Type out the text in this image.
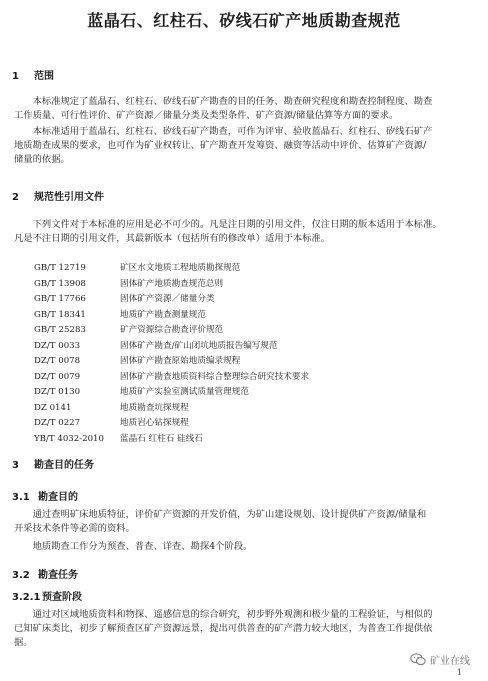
蓝晶石、红柱石、矽线石矿产地质勘查规范
1 范围

　　本标准规定了蓝晶石、红柱石、矽线石矿产勘查的目的任务、勘查研究程度和勘查控制程度、勘查
工作质量、可行性评价、矿产资源／储量分类及类型条件、矿产资源/储量估算等方面的要求。

　　本标准适用于蓝晶石、红柱石、矽线石矿产勘查，可作为评审、验收蓝晶石、红柱石、矽线石矿产
地质勘查成果的要求，也可作为矿业权转让、矿产勘查开发筹资、融资等活动中评价、估算矿产资源/
储量的依据。

2 规范性引用文件

　　下列文件对于本标准的应用是必不可少的。凡是注日期的引用文件，仅注日期的版本适用于本标准。
凡是不注日期的引用文件，其最新版本（包括所有的修改单）适用于本标准。

GB/T 12719	矿区水文地质工程地质勘探规范
GB/T 13908	固体矿产地质勘查规范总则
GB/T 17766	固体矿产资源／储量分类
GB/T 18341	地质矿产勘查测量规范
GB/T 25283	矿产资源综合勘查评价规范
DZ/T 0033	固体矿产勘查/矿山闭坑地质报告编写规范
DZ/T 0078	固体矿产勘查原始地质编录规程
DZ/T 0079	固体矿产勘查地质资料综合整理综合研究技术要求
DZ/T 0130	地质矿产实验室测试质量管理规范
DZ 0141	地质勘查坑探规程
DZ/T 0227	地质岩心钻探规程
YB/T 4032-2010 蓝晶石 红柱石 硅线石
3 勘查目的任务
3.1 勘查目的

　　通过查明矿床地质特征，评价矿产资源的开发价值，为矿山建设规划、设计提供矿产资源/储量和
开采技术条件等必需的资料。

　　地质勘查工作分为预查、普查、详查、勘探4个阶段。

3.2 勘查任务
3.2.1 预查阶段

　　通过对区域地质资料和物探、遥感信息的综合研究，初步野外观测和极少量的工程验证，与相似的
已知矿床类比，初步了解预查区矿产资源远景，提出可供普查的矿产潜力较大地区，为普查工作提供依
据。

矿业在线
1
